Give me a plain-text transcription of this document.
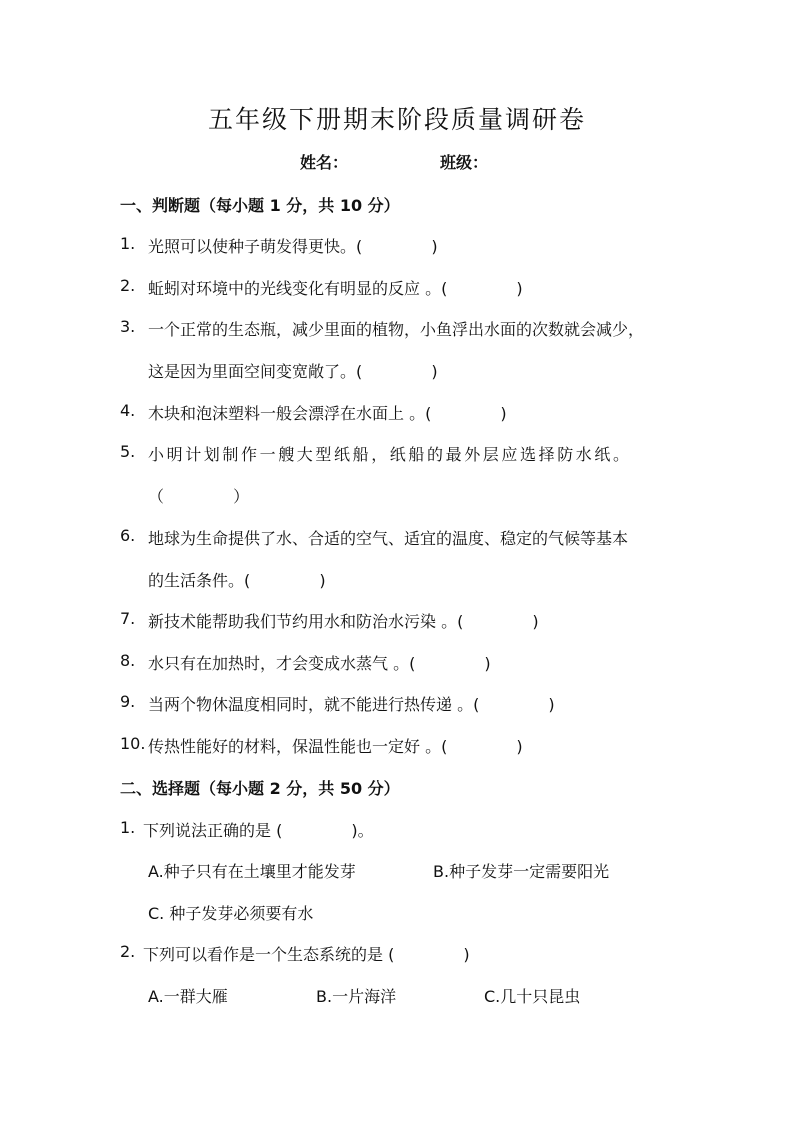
五年级下册期末阶段质量调研卷
姓名：	班级：
一、判断题（每小题 1 分，共 10 分）
1. 光照可以使种子萌发得更快。(　　　　 )
2. 蚯蚓对环境中的光线变化有明显的反应 。(　　　　 )
3. 一个正常的生态瓶，减少里面的植物，小鱼浮出水面的次数就会减少，
这是因为里面空间变宽敞了。(　　　　 )
4. 木块和泡沫塑料一般会漂浮在水面上 。(　　　　 )
5. 小明计划制作一艘大型纸船，纸船的最外层应选择防水纸。
（　　　　 ）
6. 地球为生命提供了水、合适的空气、适宜的温度、稳定的气候等基本
的生活条件。(　　　　 )
7. 新技术能帮助我们节约用水和防治水污染 。(　　　　 )
8. 水只有在加热时，才会变成水蒸气 。(　　　　 )
9. 当两个物休温度相同时，就不能进行热传递 。(　　　　 )
10. 传热性能好的材料，保温性能也一定好 。(　　　　 )
二、选择题（每小题 2 分，共 50 分）
1. 下列说法正确的是 (　　　　 )。
A.种子只有在土壤里才能发芽	B.种子发芽一定需要阳光
C. 种子发芽必须要有水
2. 下列可以看作是一个生态系统的是 (　　　　 )
A.一群大雁	B.一片海洋	C.几十只昆虫
